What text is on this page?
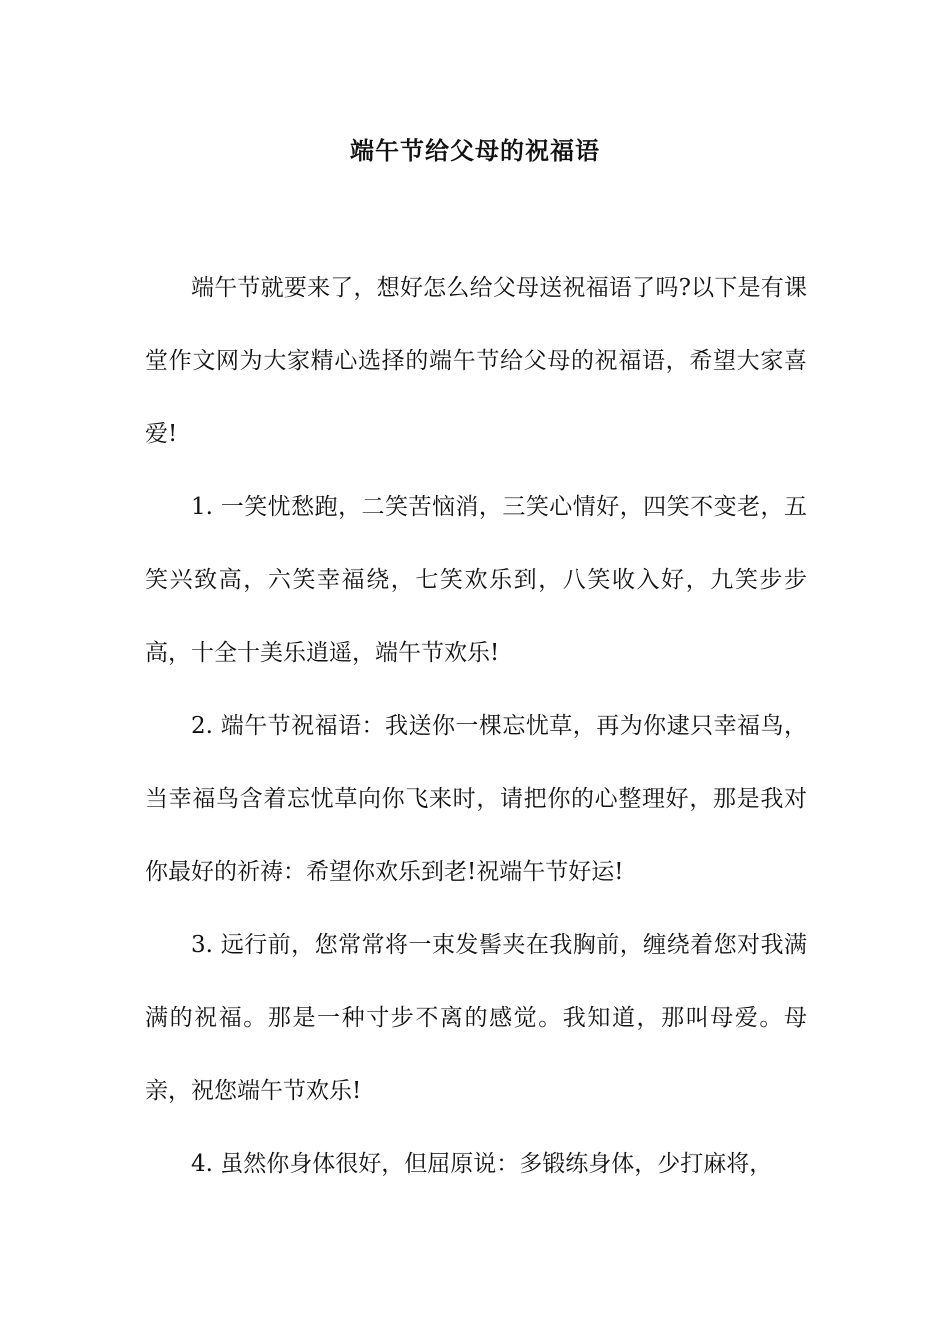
端午节给父母的祝福语

端午节就要来了，想好怎么给父母送祝福语了吗?以下是有课堂作文网为大家精心选择的端午节给父母的祝福语，希望大家喜爱!

1. 一笑忧愁跑，二笑苦恼消，三笑心情好，四笑不变老，五笑兴致高，六笑幸福绕，七笑欢乐到，八笑收入好，九笑步步高，十全十美乐逍遥，端午节欢乐!

2. 端午节祝福语：我送你一棵忘忧草，再为你逮只幸福鸟，当幸福鸟含着忘忧草向你飞来时，请把你的心整理好，那是我对你最好的祈祷：希望你欢乐到老!祝端午节好运!

3. 远行前，您常常将一束发髻夹在我胸前，缠绕着您对我满满的祝福。那是一种寸步不离的感觉。我知道，那叫母爱。母亲，祝您端午节欢乐!

4. 虽然你身体很好，但屈原说：多锻练身体，少打麻将，
